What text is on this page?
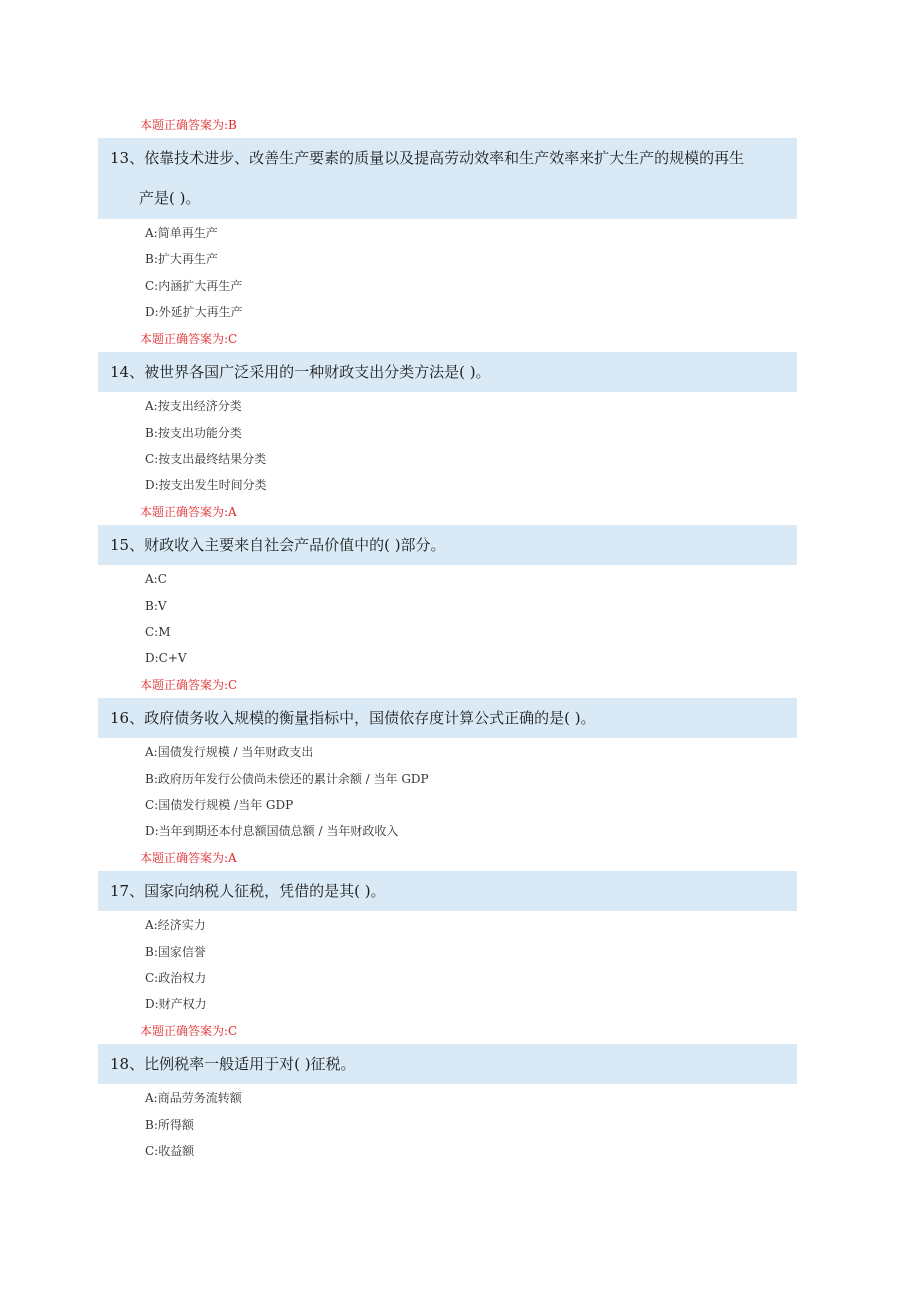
本题正确答案为:B
13、依靠技术进步、改善生产要素的质量以及提高劳动效率和生产效率来扩大生产的规模的再生
产是( )。
A:简单再生产
B:扩大再生产
C:内涵扩大再生产
D:外延扩大再生产
本题正确答案为:C
14、被世界各国广泛采用的一种财政支出分类方法是( )。
A:按支出经济分类
B:按支出功能分类
C:按支出最终结果分类
D:按支出发生时间分类
本题正确答案为:A
15、财政收入主要来自社会产品价值中的( )部分。
A:C
B:V
C:M
D:C+V
本题正确答案为:C
16、政府债务收入规模的衡量指标中，国债依存度计算公式正确的是( )。
A:国债发行规模 / 当年财政支出
B:政府历年发行公债尚未偿还的累计余额 / 当年 GDP
C:国债发行规模 /当年 GDP
D:当年到期还本付息额国债总额 / 当年财政收入
本题正确答案为:A
17、国家向纳税人征税，凭借的是其( )。
A:经济实力
B:国家信誉
C:政治权力
D:财产权力
本题正确答案为:C
18、比例税率一般适用于对( )征税。
A:商品劳务流转额
B:所得额
C:收益额
